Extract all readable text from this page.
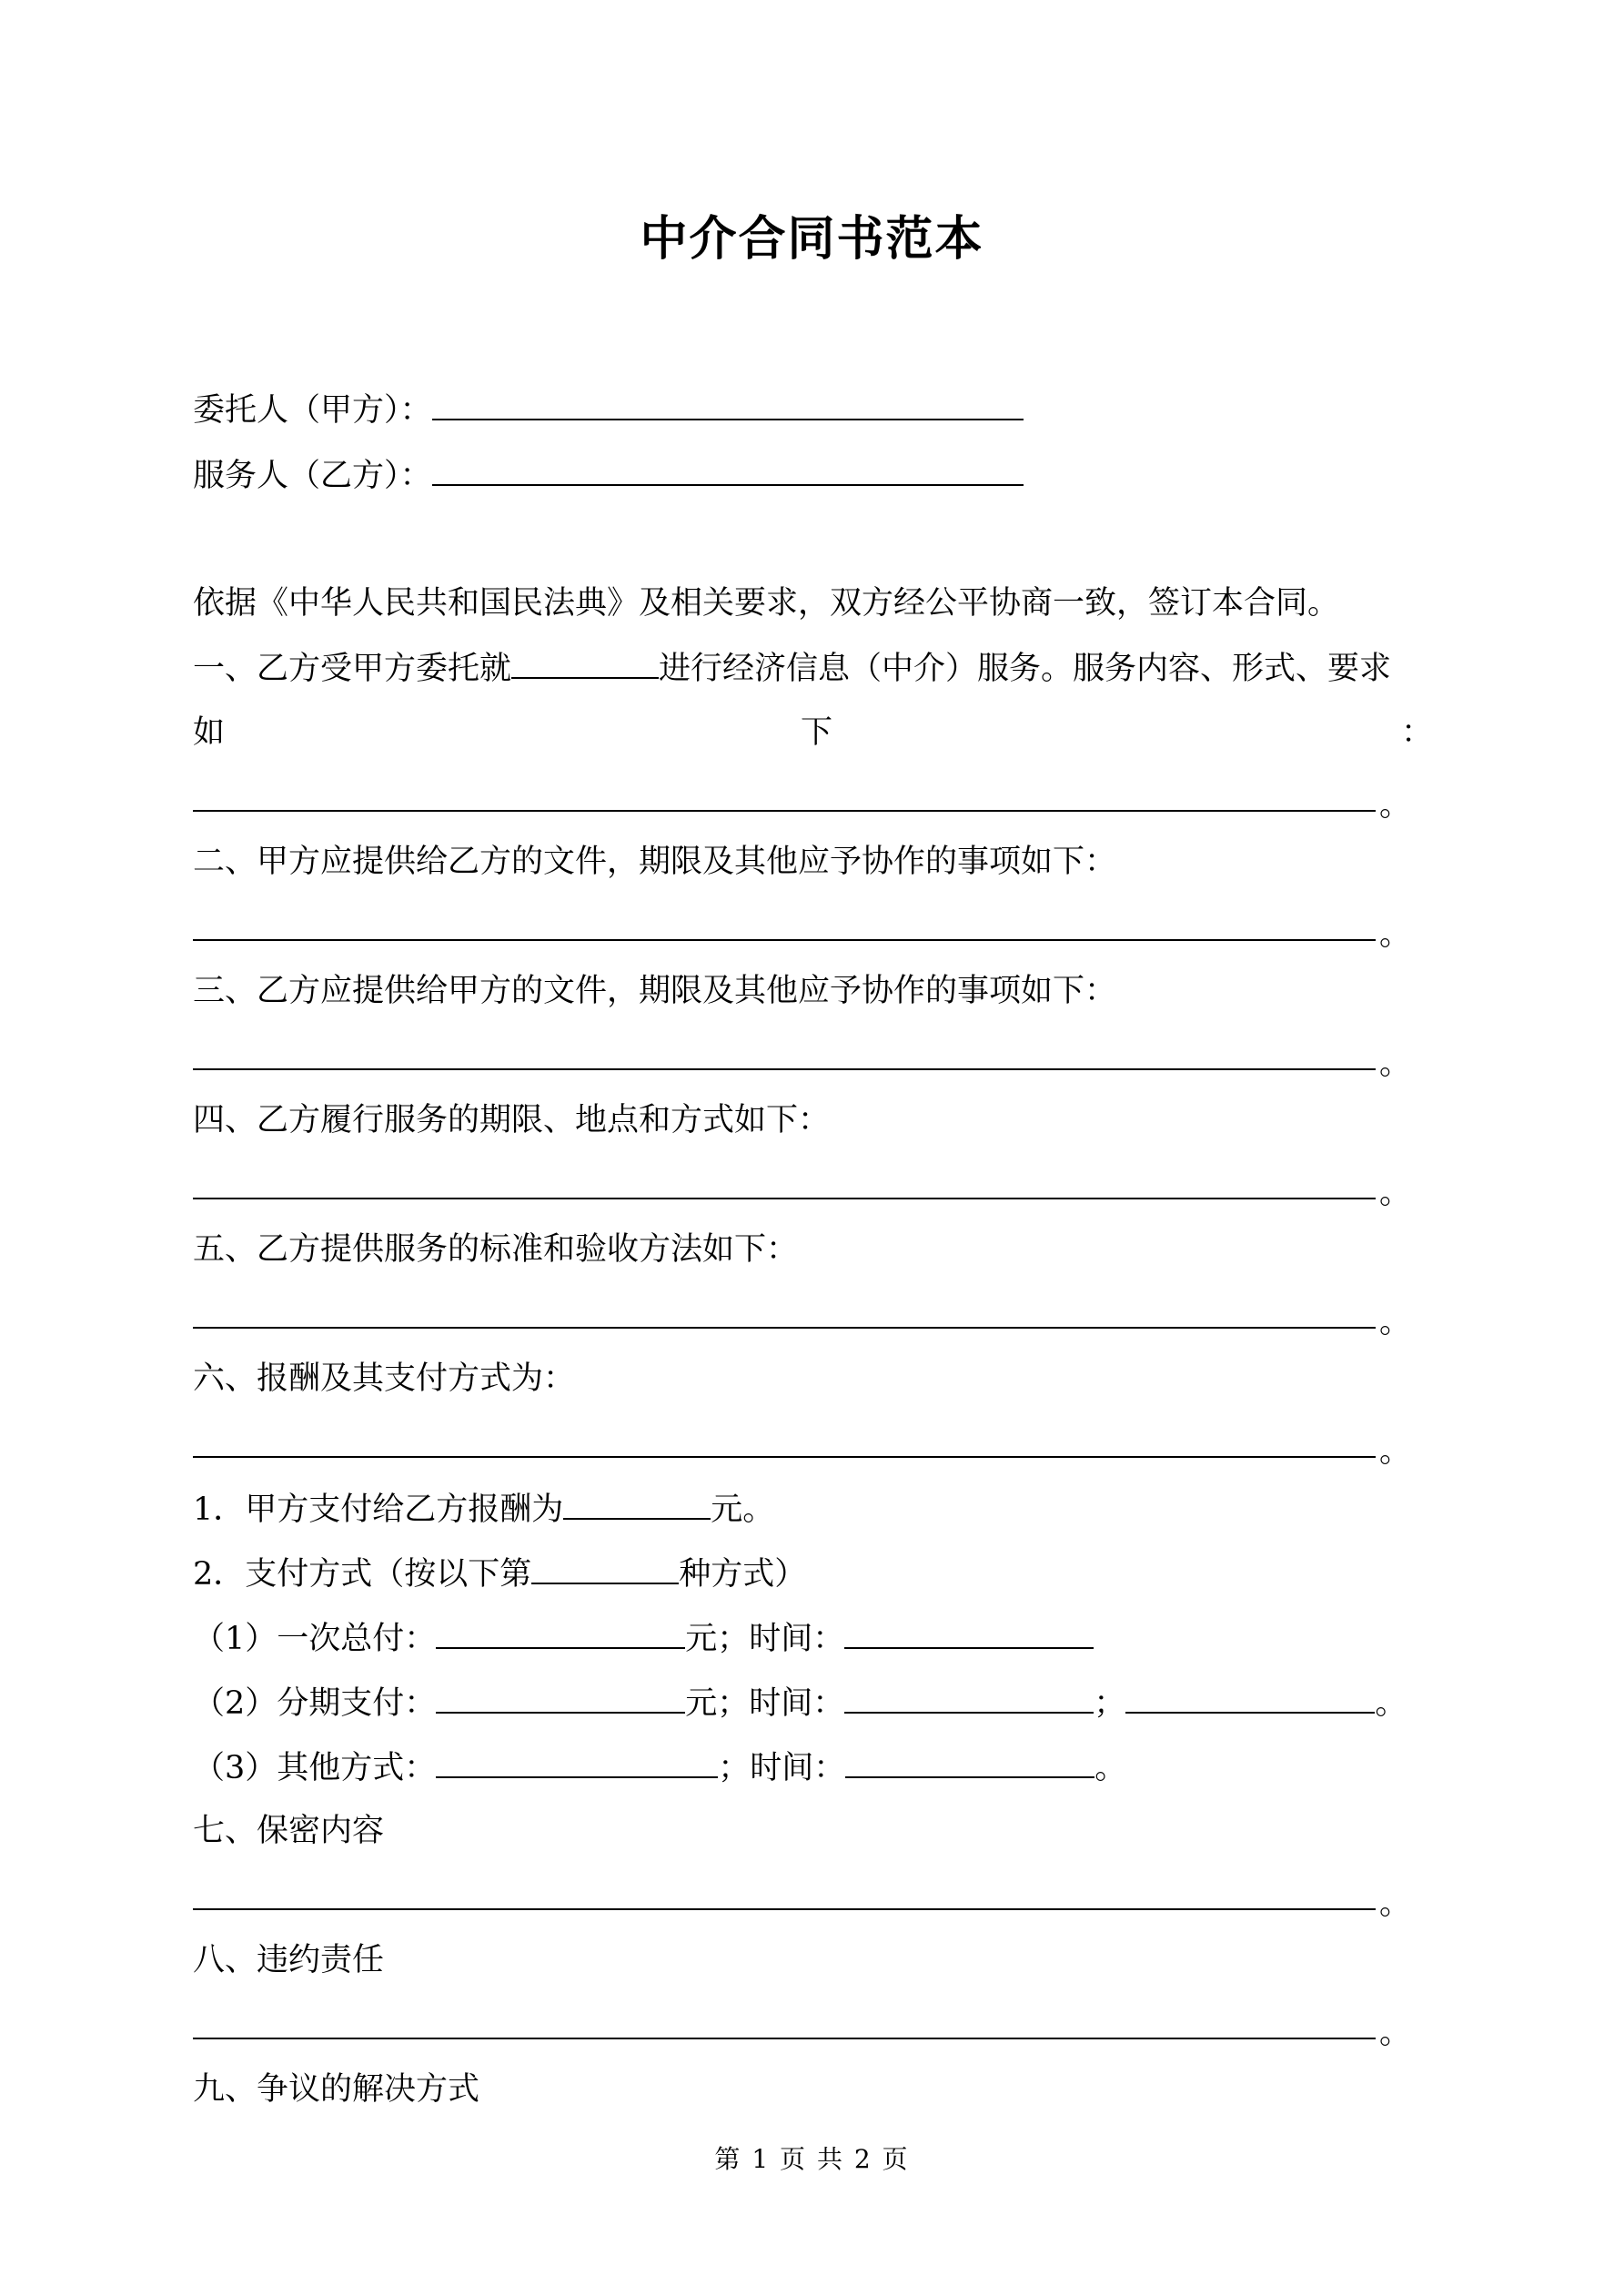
中介合同书范本
委托人（甲方）：
服务人（乙方）：
依据《中华人民共和国民法典》及相关要求，双方经公平协商一致，签订本合同。
一、乙方受甲方委托就	进行经济信息（中介）服务。服务内容、形式、要求
如	下	：
。
二、甲方应提供给乙方的文件，期限及其他应予协作的事项如下：
。
三、乙方应提供给甲方的文件，期限及其他应予协作的事项如下：
。
四、乙方履行服务的期限、地点和方式如下：
。
五、乙方提供服务的标准和验收方法如下：
。
六、报酬及其支付方式为：
。
1．甲方支付给乙方报酬为	元。
2．支付方式（按以下第	种方式）
（1）一次总付：	元；时间：
（2）分期支付：	元；时间：	；	。
（3）其他方式：	；时间：	。
七、保密内容
。
八、违约责任
。
九、争议的解决方式
第 1 页 共 2 页
